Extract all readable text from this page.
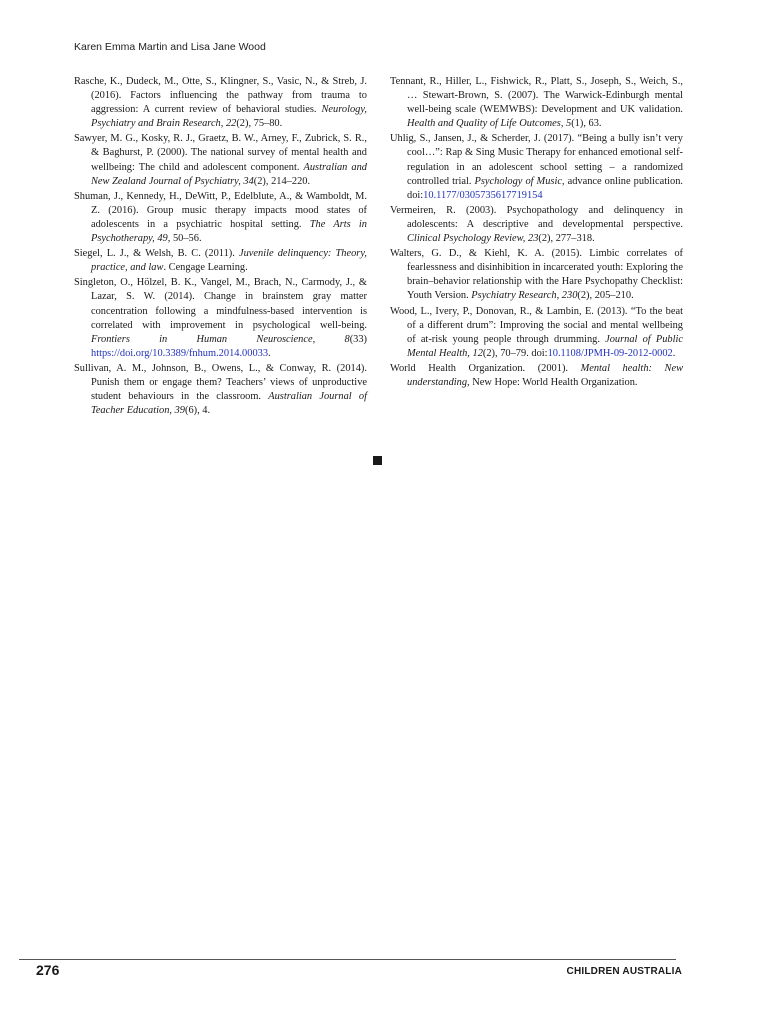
Karen Emma Martin and Lisa Jane Wood

Rasche, K., Dudeck, M., Otte, S., Klingner, S., Vasic, N., & Streb, J. (2016). Factors influencing the pathway from trauma to aggression: A current review of behavioral studies. Neurology, Psychiatry and Brain Research, 22(2), 75–80.

Sawyer, M. G., Kosky, R. J., Graetz, B. W., Arney, F., Zubrick, S. R., & Baghurst, P. (2000). The national survey of mental health and wellbeing: The child and adolescent component. Australian and New Zealand Journal of Psychiatry, 34(2), 214–220.

Shuman, J., Kennedy, H., DeWitt, P., Edelblute, A., & Wamboldt, M. Z. (2016). Group music therapy impacts mood states of adolescents in a psychiatric hospital setting. The Arts in Psychotherapy, 49, 50–56.

Siegel, L. J., & Welsh, B. C. (2011). Juvenile delinquency: Theory, practice, and law. Cengage Learning.

Singleton, O., Hölzel, B. K., Vangel, M., Brach, N., Carmody, J., & Lazar, S. W. (2014). Change in brainstem gray matter concentration following a mindfulness-based intervention is correlated with improvement in psychological well-being. Frontiers in Human Neuroscience, 8(33) https://doi.org/10.3389/fnhum.2014.00033.

Sullivan, A. M., Johnson, B., Owens, L., & Conway, R. (2014). Punish them or engage them? Teachers’ views of unproductive student behaviours in the classroom. Australian Journal of Teacher Education, 39(6), 4.

Tennant, R., Hiller, L., Fishwick, R., Platt, S., Joseph, S., Weich, S., … Stewart-Brown, S. (2007). The Warwick-Edinburgh mental well-being scale (WEMWBS): Development and UK validation. Health and Quality of Life Outcomes, 5(1), 63.

Uhlig, S., Jansen, J., & Scherder, J. (2017). “Being a bully isn’t very cool…”: Rap & Sing Music Therapy for enhanced emotional self-regulation in an adolescent school setting – a randomized controlled trial. Psychology of Music, advance online publication. doi:10.1177/0305735617719154

Vermeiren, R. (2003). Psychopathology and delinquency in adolescents: A descriptive and developmental perspective. Clinical Psychology Review, 23(2), 277–318.

Walters, G. D., & Kiehl, K. A. (2015). Limbic correlates of fearlessness and disinhibition in incarcerated youth: Exploring the brain–behavior relationship with the Hare Psychopathy Checklist: Youth Version. Psychiatry Research, 230(2), 205–210.

Wood, L., Ivery, P., Donovan, R., & Lambin, E. (2013). “To the beat of a different drum”: Improving the social and mental wellbeing of at-risk young people through drumming. Journal of Public Mental Health, 12(2), 70–79. doi:10.1108/JPMH-09-2012-0002.

World Health Organization. (2001). Mental health: New understanding, New Hope: World Health Organization.

276	CHILDREN AUSTRALIA
